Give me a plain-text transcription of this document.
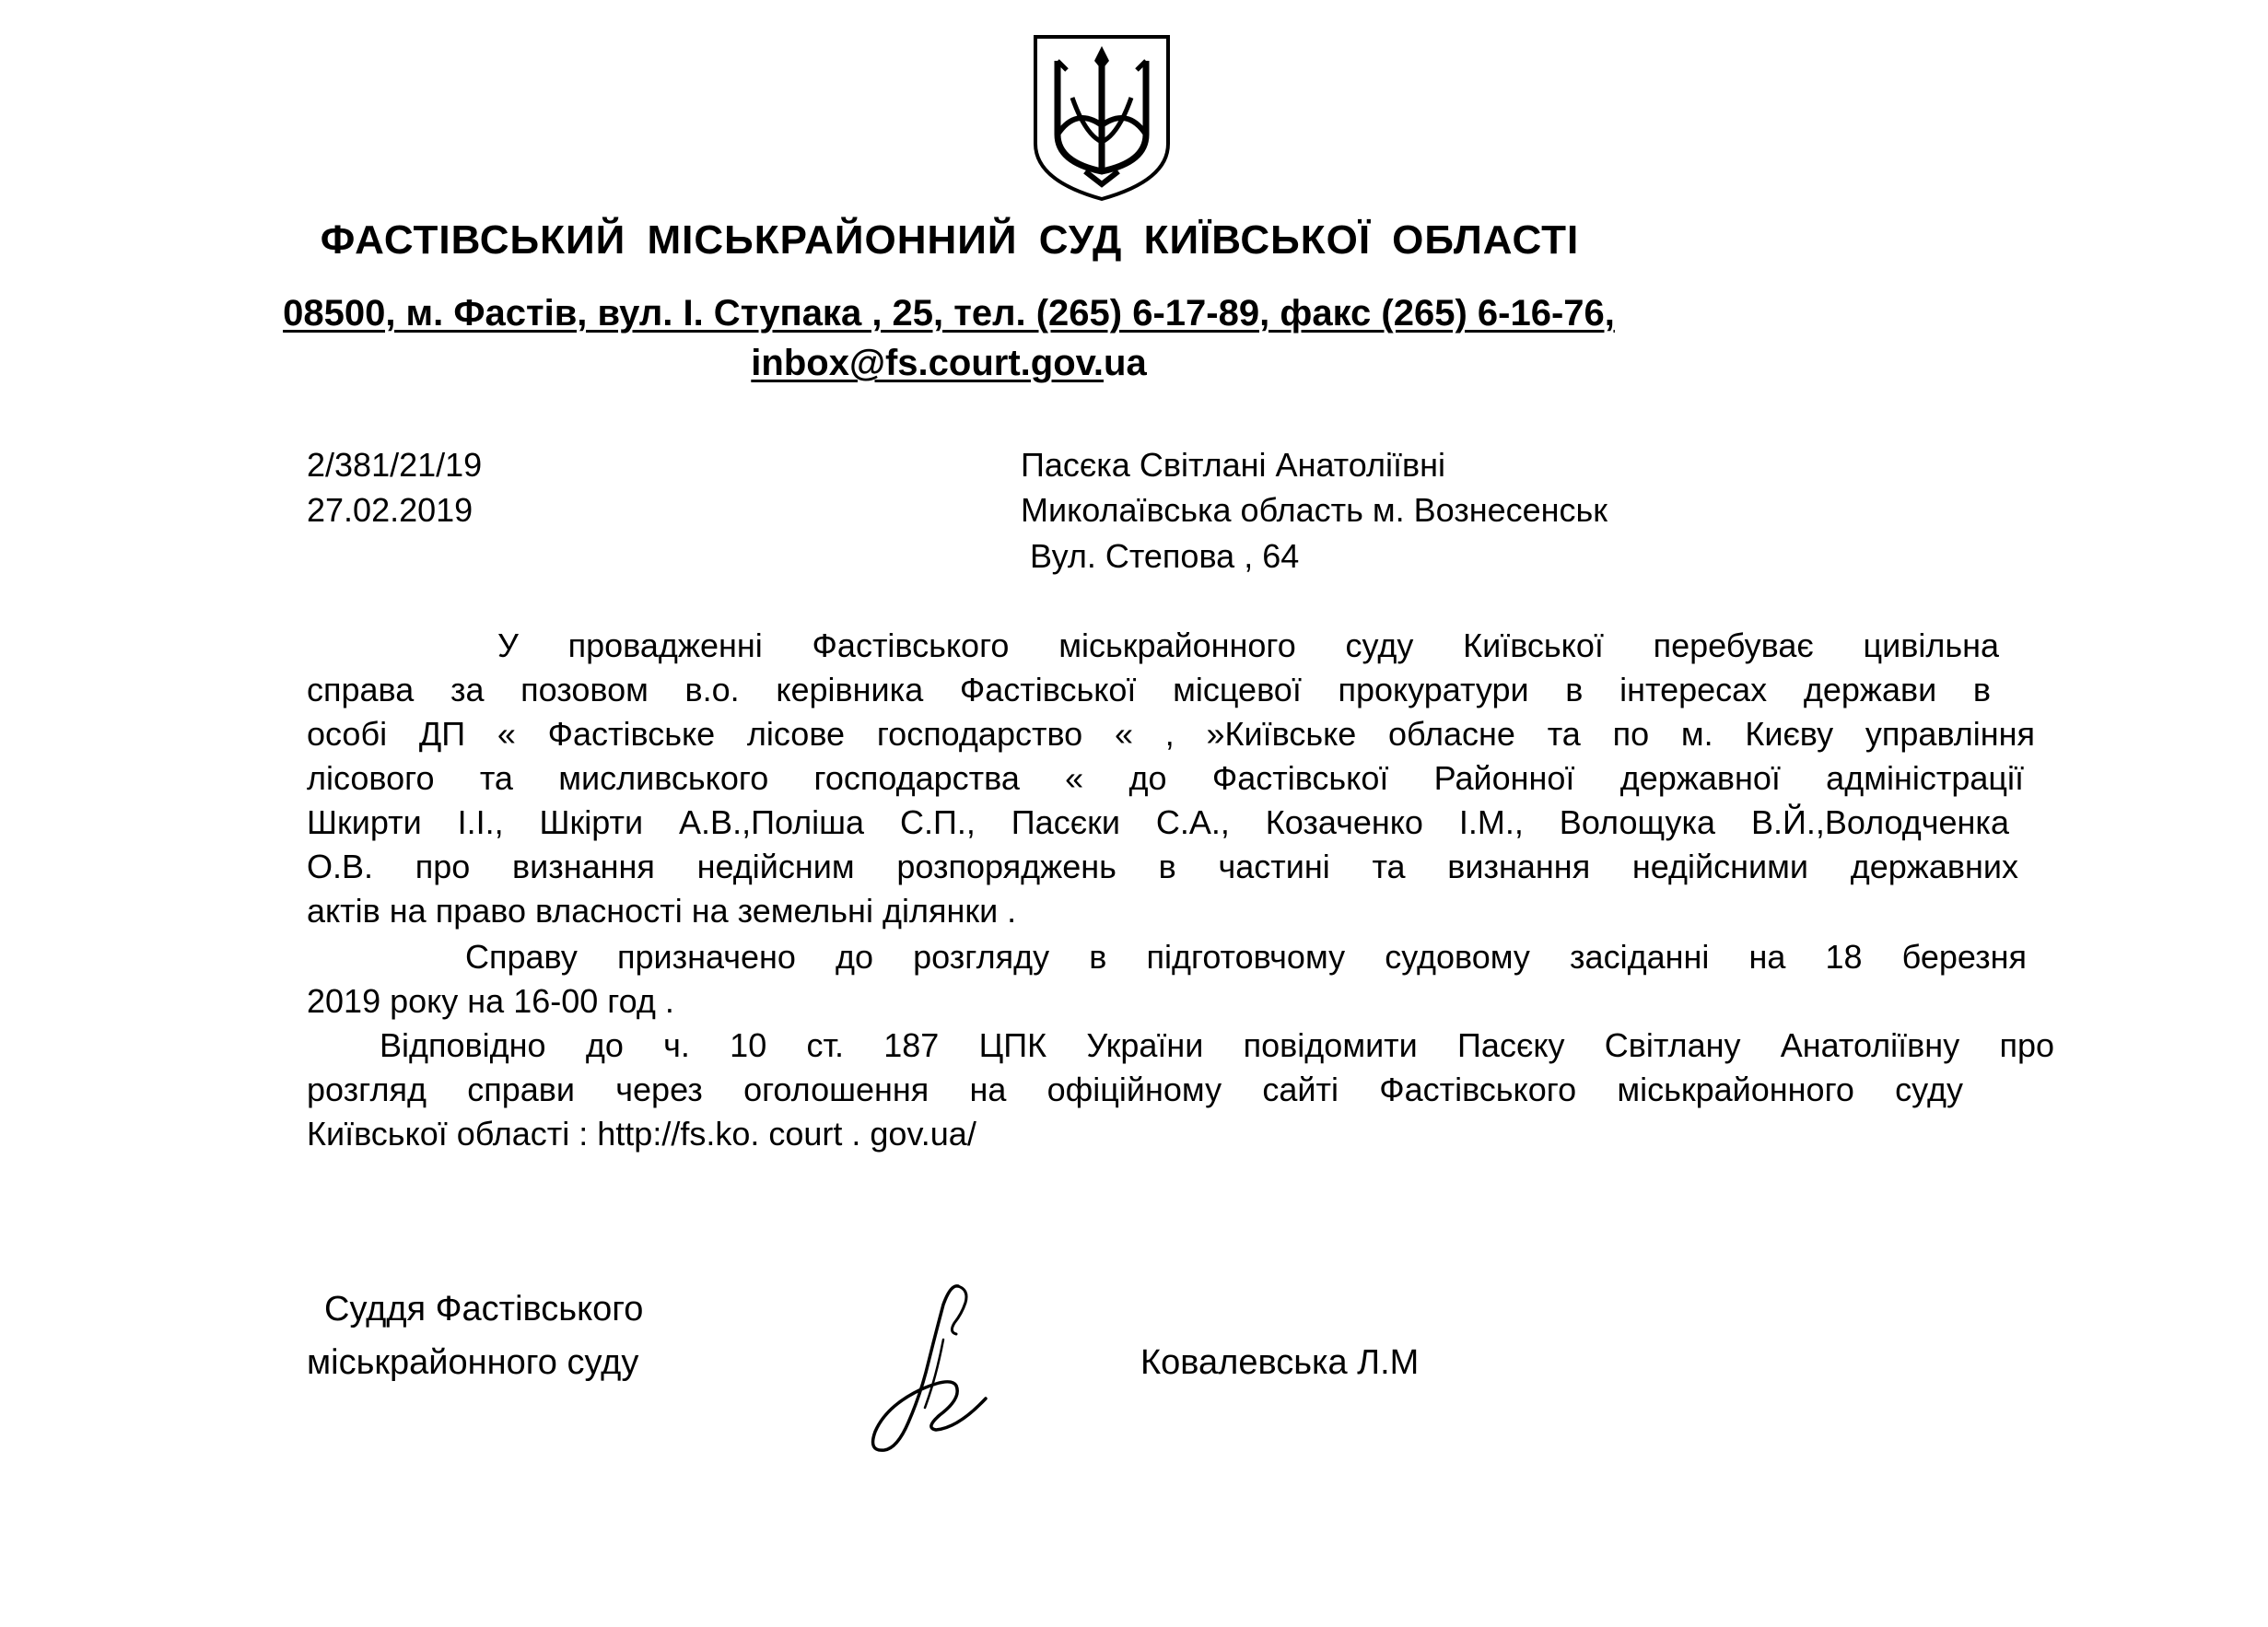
ФАСТІВСЬКИЙ МІСЬКРАЙОННИЙ СУД КИЇВСЬКОЇ ОБЛАСТІ
08500, м. Фастів, вул. І. Ступака , 25, тел. (265) 6-17-89, факс (265) 6-16-76,
inbox@fs.court.gov.ua
2/381/21/19
27.02.2019
Пасєка Світлані Анатоліївні
Миколаївська область м. Вознесенськ
Вул. Степова , 64
У провадженні Фастівського міськрайонного суду Київської перебуває цивільна
справа за позовом в.о. керівника Фастівської місцевої прокуратури в інтересах держави в
особі ДП « Фастівське лісове господарство « , »Київське обласне та по м. Києву управління
лісового та мисливського господарства « до Фастівської Районної державної адміністрації
Шкирти І.І., Шкірти А.В.,Поліша С.П., Пасєки С.А., Козаченко І.М., Волощука В.Й.,Володченка
О.В. про визнання недійсним розпоряджень в частині та визнання недійсними державних
актів на право власності на земельні ділянки .
Справу призначено до розгляду в підготовчому судовому засіданні на 18 березня
2019 року на 16-00 год .
Відповідно до ч. 10 ст. 187 ЦПК України повідомити Пасєку Світлану Анатоліївну про
розгляд справи через оголошення на офіційному сайті Фастівського міськрайонного суду
Київської області : http://fs.ko. court . gov.ua/
Суддя Фастівського
міськрайонного суду	Ковалевська Л.М
